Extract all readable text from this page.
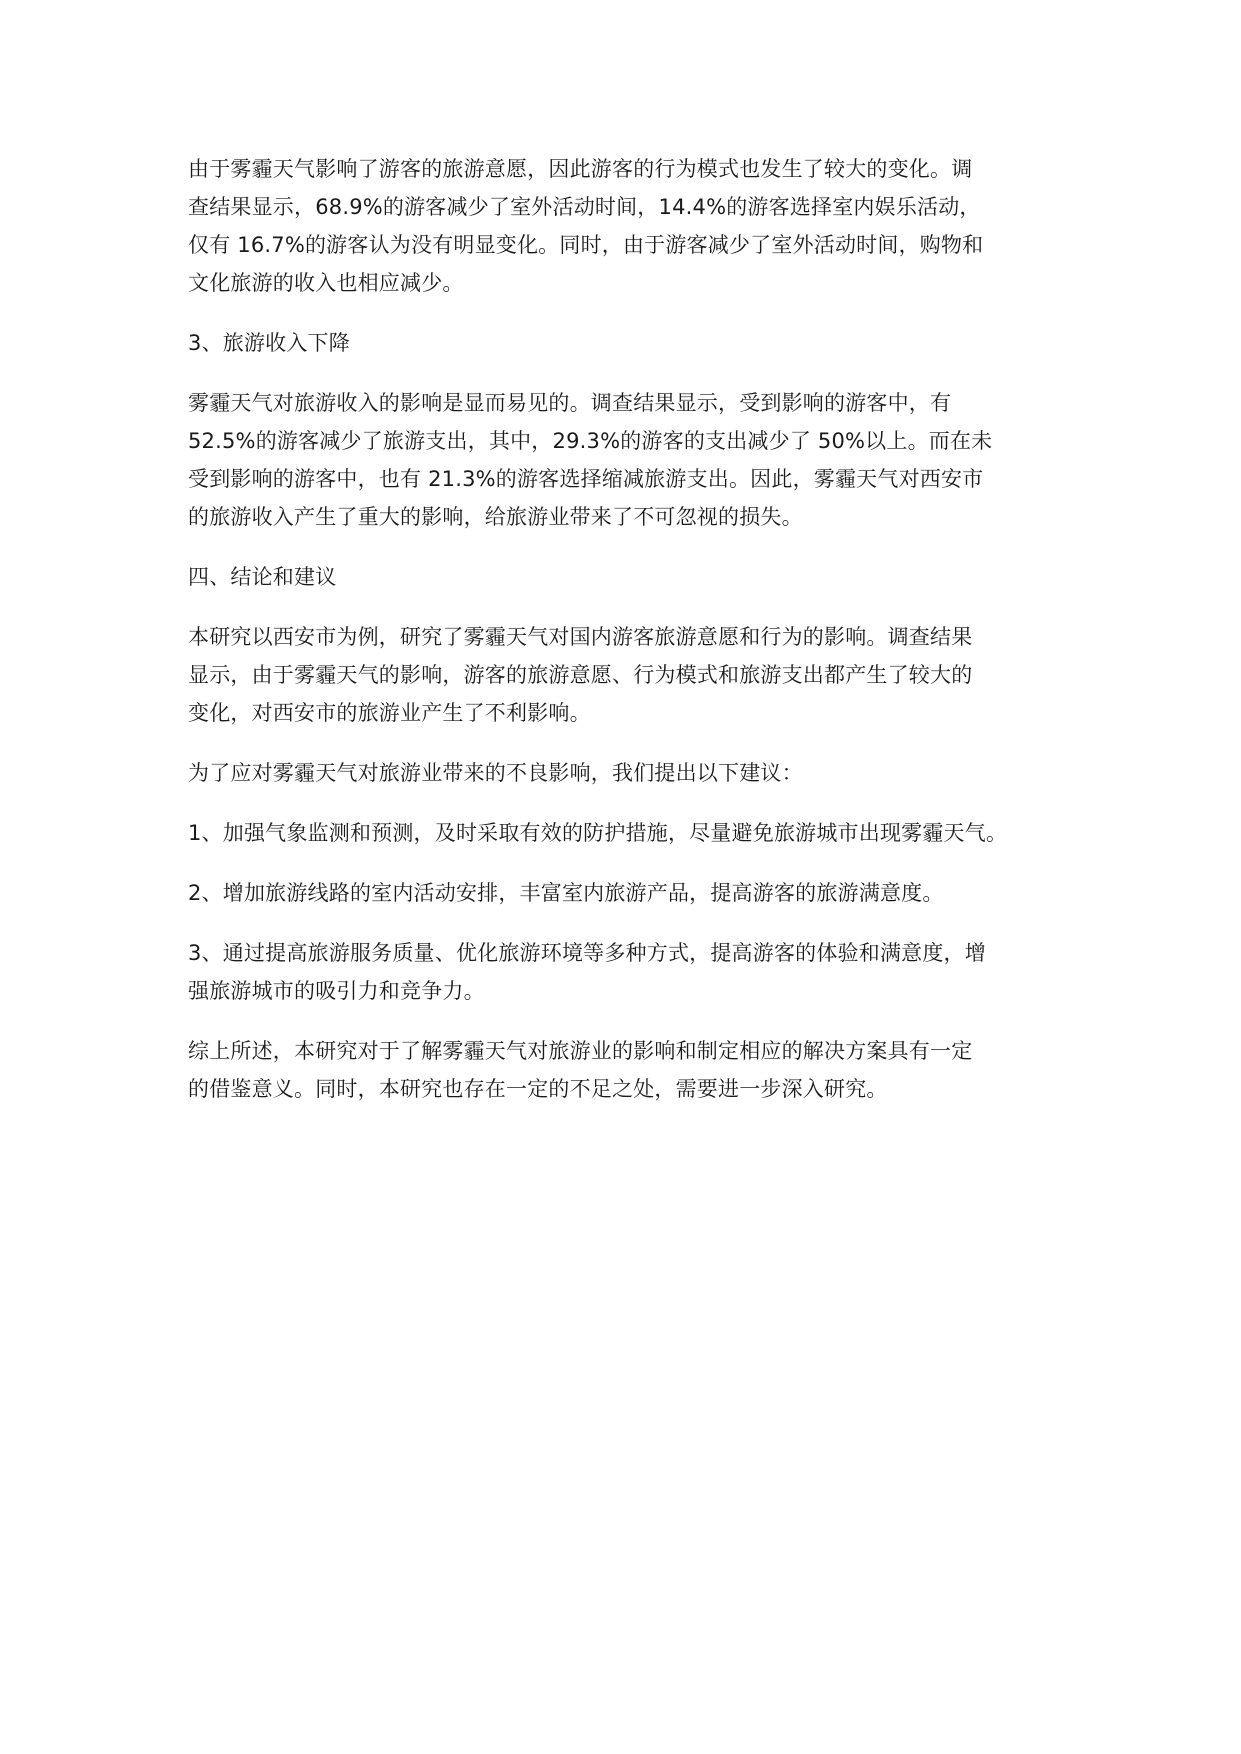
由于雾霾天气影响了游客的旅游意愿，因此游客的行为模式也发生了较大的变化。调
查结果显示，68.9%的游客减少了室外活动时间，14.4%的游客选择室内娱乐活动，
仅有 16.7%的游客认为没有明显变化。同时，由于游客减少了室外活动时间，购物和
文化旅游的收入也相应减少。

3、旅游收入下降

雾霾天气对旅游收入的影响是显而易见的。调查结果显示，受到影响的游客中，有
52.5%的游客减少了旅游支出，其中，29.3%的游客的支出减少了 50%以上。而在未
受到影响的游客中，也有 21.3%的游客选择缩减旅游支出。因此，雾霾天气对西安市
的旅游收入产生了重大的影响，给旅游业带来了不可忽视的损失。

四、结论和建议

本研究以西安市为例，研究了雾霾天气对国内游客旅游意愿和行为的影响。调查结果
显示，由于雾霾天气的影响，游客的旅游意愿、行为模式和旅游支出都产生了较大的
变化，对西安市的旅游业产生了不利影响。

为了应对雾霾天气对旅游业带来的不良影响，我们提出以下建议：

1、加强气象监测和预测，及时采取有效的防护措施，尽量避免旅游城市出现雾霾天气。

2、增加旅游线路的室内活动安排，丰富室内旅游产品，提高游客的旅游满意度。

3、通过提高旅游服务质量、优化旅游环境等多种方式，提高游客的体验和满意度，增
强旅游城市的吸引力和竞争力。

综上所述，本研究对于了解雾霾天气对旅游业的影响和制定相应的解决方案具有一定
的借鉴意义。同时，本研究也存在一定的不足之处，需要进一步深入研究。
